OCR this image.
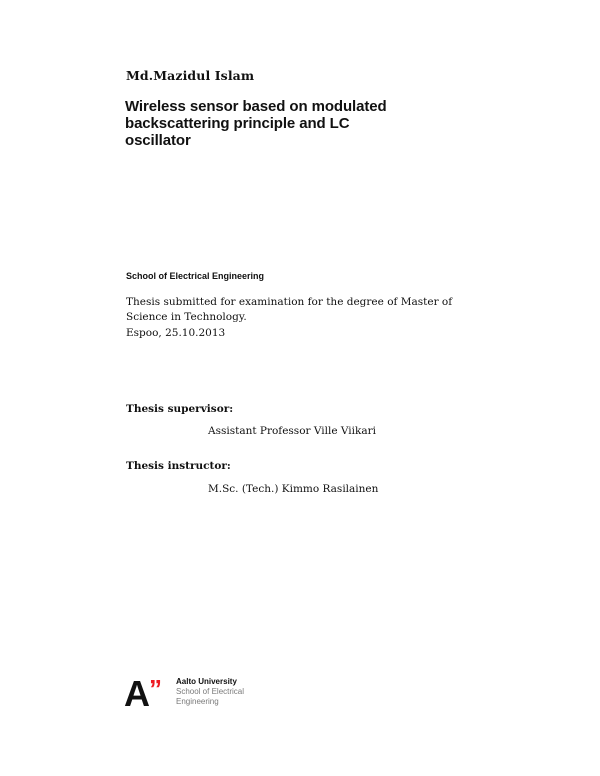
Md.Mazidul Islam
Wireless sensor based on modulated
backscattering principle and LC
oscillator
School of Electrical Engineering
Thesis submitted for examination for the degree of Master of
Science in Technology.
Espoo, 25.10.2013
Thesis supervisor:
Assistant Professor Ville Viikari
Thesis instructor:
M.Sc. (Tech.) Kimmo Rasilainen
A ” Aalto University
School of Electrical
Engineering
